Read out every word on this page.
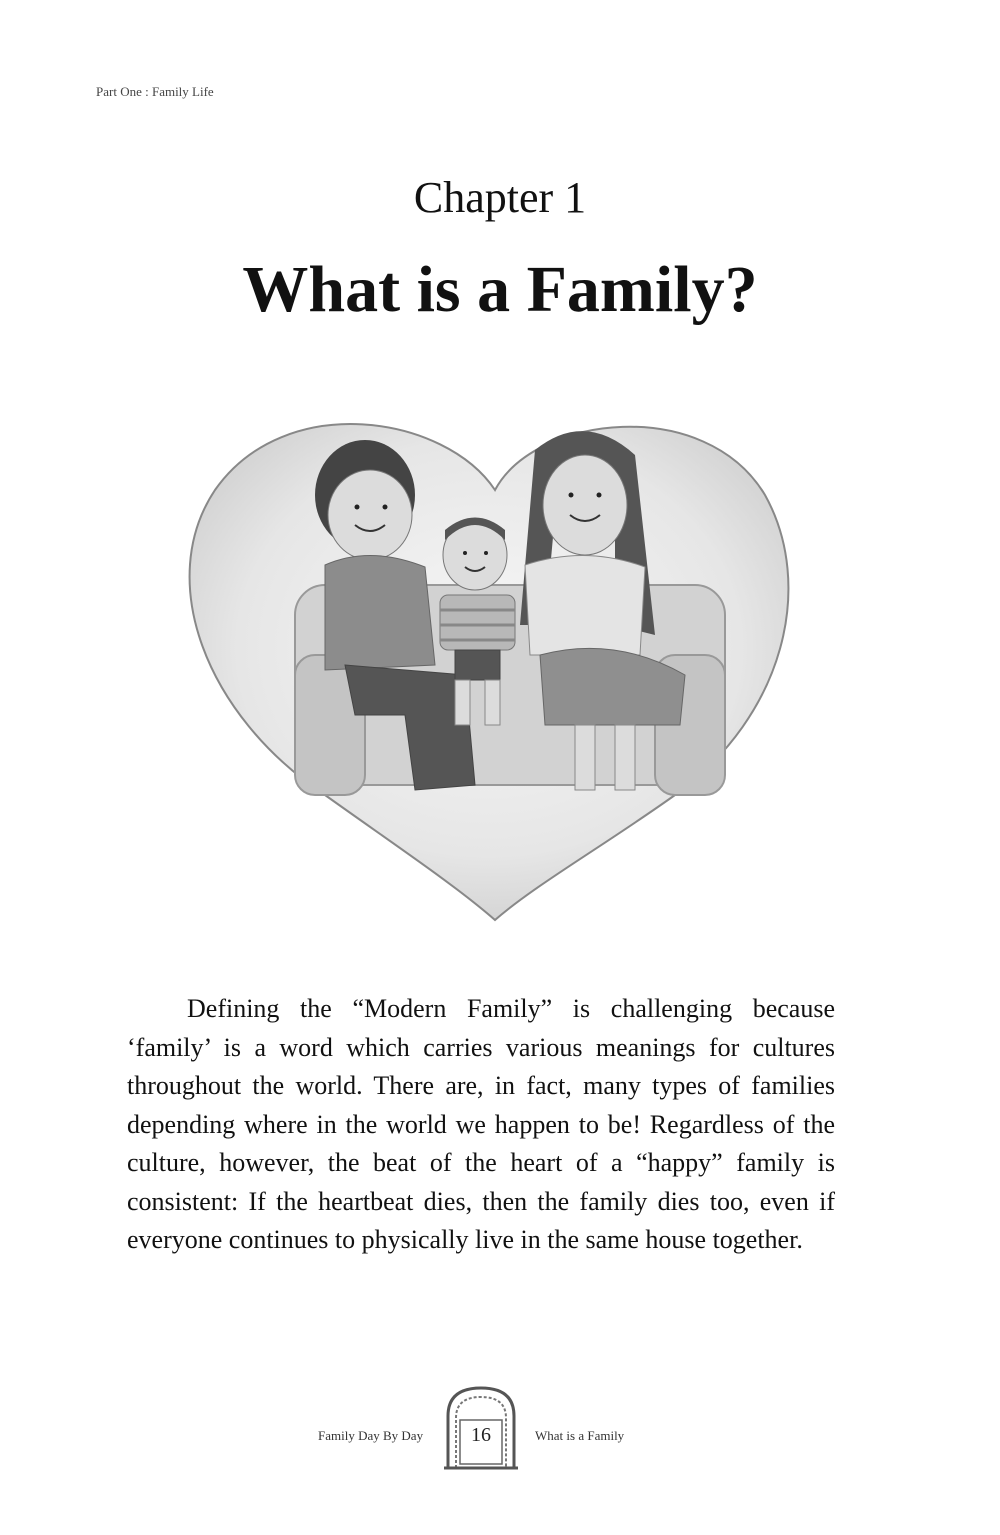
Part One : Family Life
Chapter 1
What is a Family?

Defining the “Modern Family” is challenging because ‘family’ is a word which carries various meanings for cultures throughout the world. There are, in fact, many types of families depending where in the world we happen to be! Regardless of the culture, however, the beat of the heart of a “happy” family is consistent: If the heartbeat dies, then the family dies too, even if everyone continues to physically live in the same house together.

Family Day By Day	16	What is a Family
